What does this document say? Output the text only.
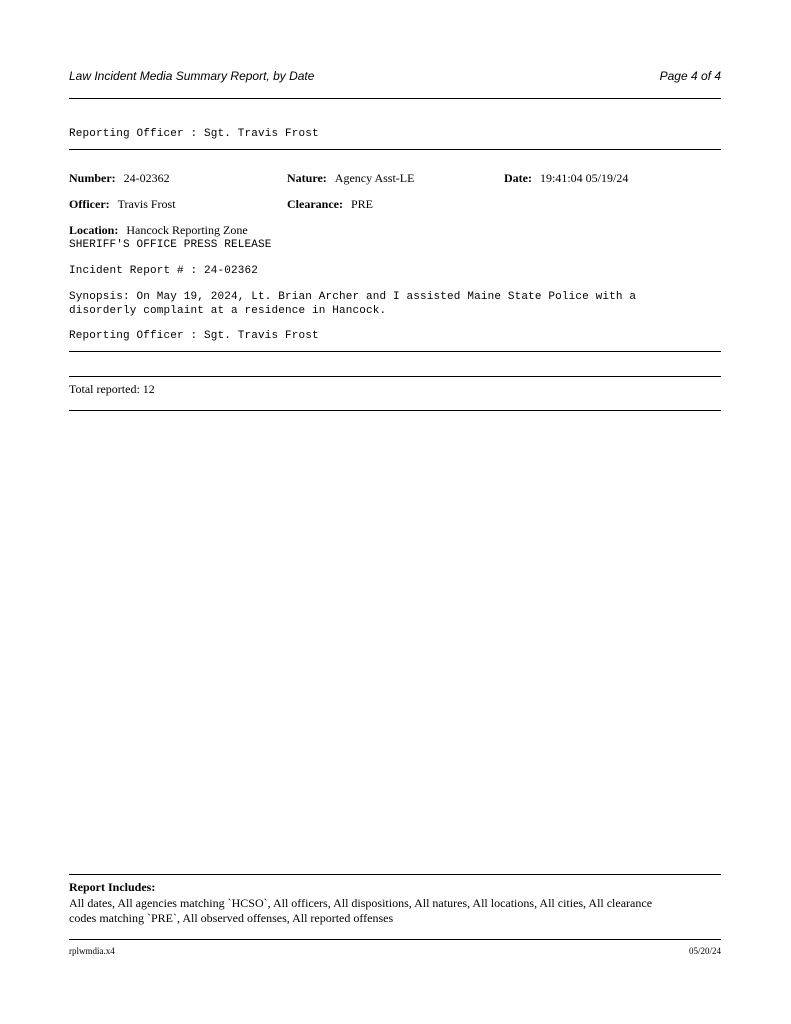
Law Incident Media Summary Report, by Date	Page 4 of 4
Reporting Officer : Sgt. Travis Frost
Number: 24-02362	Nature: Agency Asst-LE	Date: 19:41:04 05/19/24
Officer: Travis Frost	Clearance: PRE
Location: Hancock Reporting Zone
SHERIFF'S OFFICE PRESS RELEASE
Incident Report # : 24-02362
Synopsis: On May 19, 2024, Lt. Brian Archer and I assisted Maine State Police with a
disorderly complaint at a residence in Hancock.
Reporting Officer : Sgt. Travis Frost
Total reported: 12
Report Includes:
All dates, All agencies matching `HCSO`, All officers, All dispositions, All natures, All locations, All cities, All clearance
codes matching `PRE`, All observed offenses, All reported offenses
rplwmdia.x4	05/20/24
